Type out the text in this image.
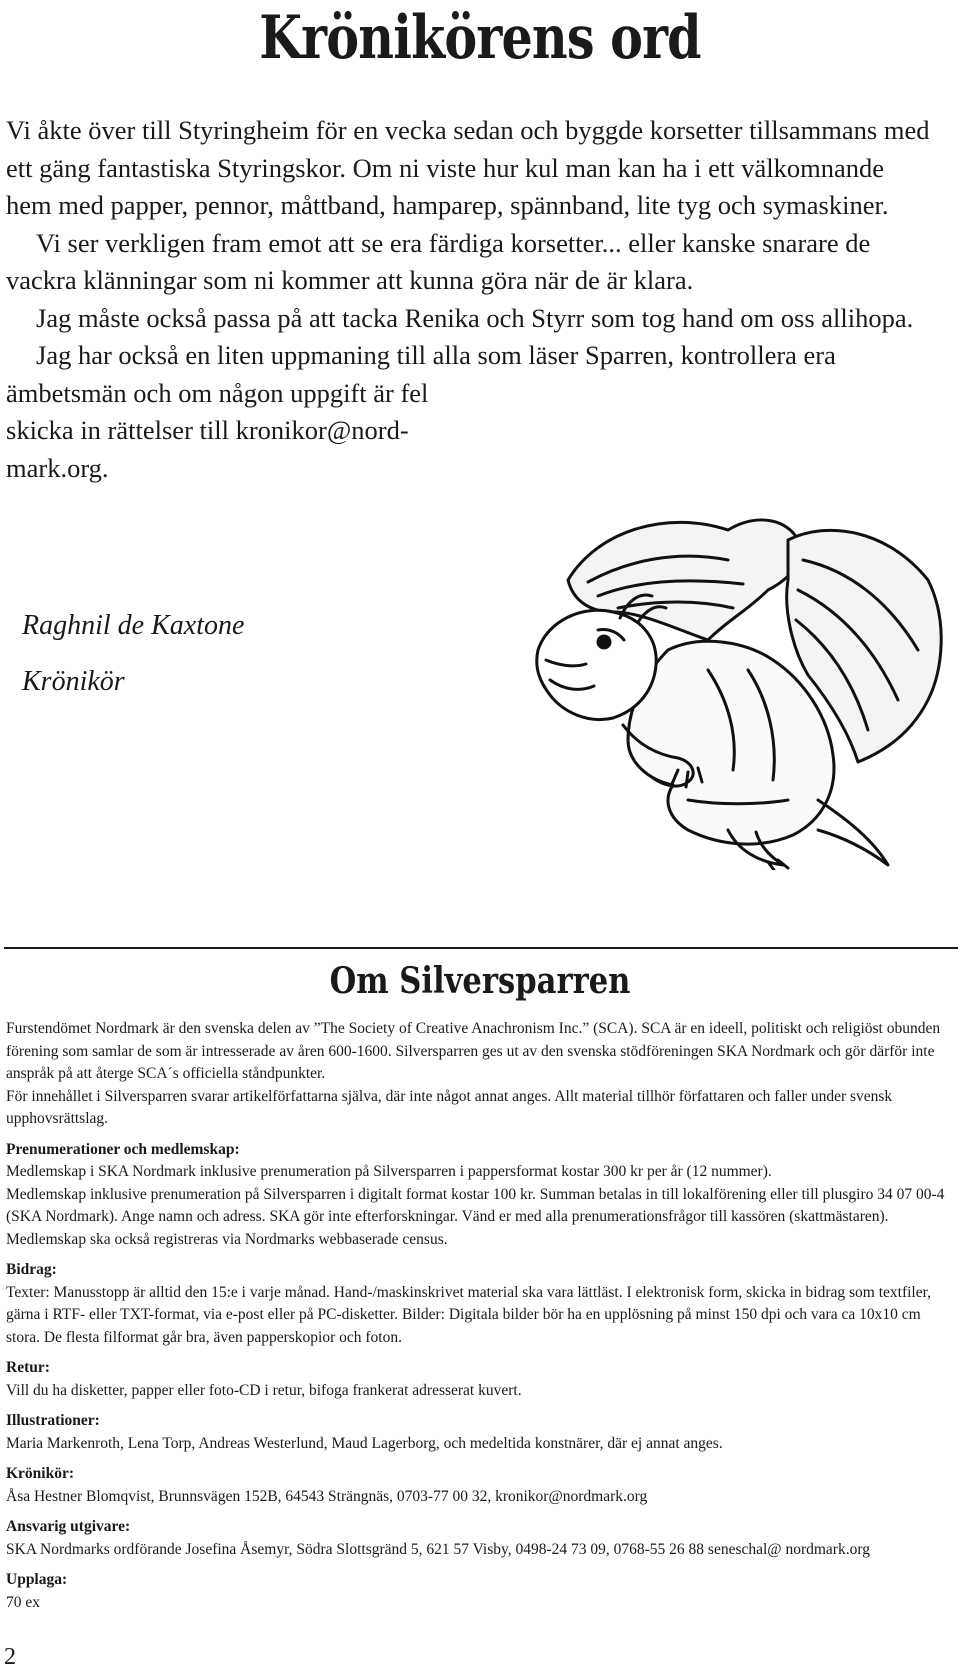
Krönikörens ord

Vi åkte över till Styringheim för en vecka sedan och byggde korsetter tillsammans med ett gäng fantastiska Styringskor. Om ni viste hur kul man kan ha i ett välkomnande hem med papper, pennor, måttband, hamparep, spännband, lite tyg och symaskiner.

Vi ser verkligen fram emot att se era färdiga korsetter... eller kanske snarare de vackra klänningar som ni kommer att kunna göra när de är klara.

Jag måste också passa på att tacka Renika och Styrr som tog hand om oss allihopa.

Jag har också en liten uppmaning till alla som läser Sparren, kontrollera era ämbetsmän och om någon uppgift är fel

skicka in rättelser till kronikor@nord-

mark.org.

Raghnil de Kaxtone
Krönikör
Om Silversparren

Furstendömet Nordmark är den svenska delen av ”The Society of Creative Anachronism Inc.” (SCA). SCA är en ideell, politiskt och religiöst obunden förening som samlar de som är intresserade av åren 600-1600. Silversparren ges ut av den svenska stödföreningen SKA Nordmark och gör därför inte anspråk på att återge SCA´s officiella ståndpunkter.

För innehållet i Silversparren svarar artikelförfattarna själva, där inte något annat anges. Allt material tillhör författaren och faller under svensk upphovsrättslag.

Prenumerationer och medlemskap:

Medlemskap i SKA Nordmark inklusive prenumeration på Silversparren i pappersformat kostar 300 kr per år (12 nummer).

Medlemskap inklusive prenumeration på Silversparren i digitalt format kostar 100 kr. Summan betalas in till lokalförening eller till plusgiro 34 07 00-4 (SKA Nordmark). Ange namn och adress. SKA gör inte efterforskningar. Vänd er med alla prenumerationsfrågor till kassören (skattmästaren). Medlemskap ska också registreras via Nordmarks webbaserade census.

Bidrag:

Texter: Manusstopp är alltid den 15:e i varje månad. Hand-/maskinskrivet material ska vara lättläst. I elektronisk form, skicka in bidrag som textfiler, gärna i RTF- eller TXT-format, via e-post eller på PC-disketter. Bilder: Digitala bilder bör ha en upplösning på minst 150 dpi och vara ca 10x10 cm stora. De flesta filformat går bra, även papperskopior och foton.

Retur:

Vill du ha disketter, papper eller foto-CD i retur, bifoga frankerat adresserat kuvert.

Illustrationer:

Maria Markenroth, Lena Torp, Andreas Westerlund, Maud Lagerborg, och medeltida konstnärer, där ej annat anges.

Krönikör:

Åsa Hestner Blomqvist, Brunnsvägen 152B, 64543 Strängnäs, 0703-77 00 32, kronikor@nordmark.org

Ansvarig utgivare:

SKA Nordmarks ordförande Josefina Åsemyr, Södra Slottsgränd 5, 621 57 Visby, 0498-24 73 09, 0768-55 26 88 seneschal@ nordmark.org

Upplaga:

70 ex

2
